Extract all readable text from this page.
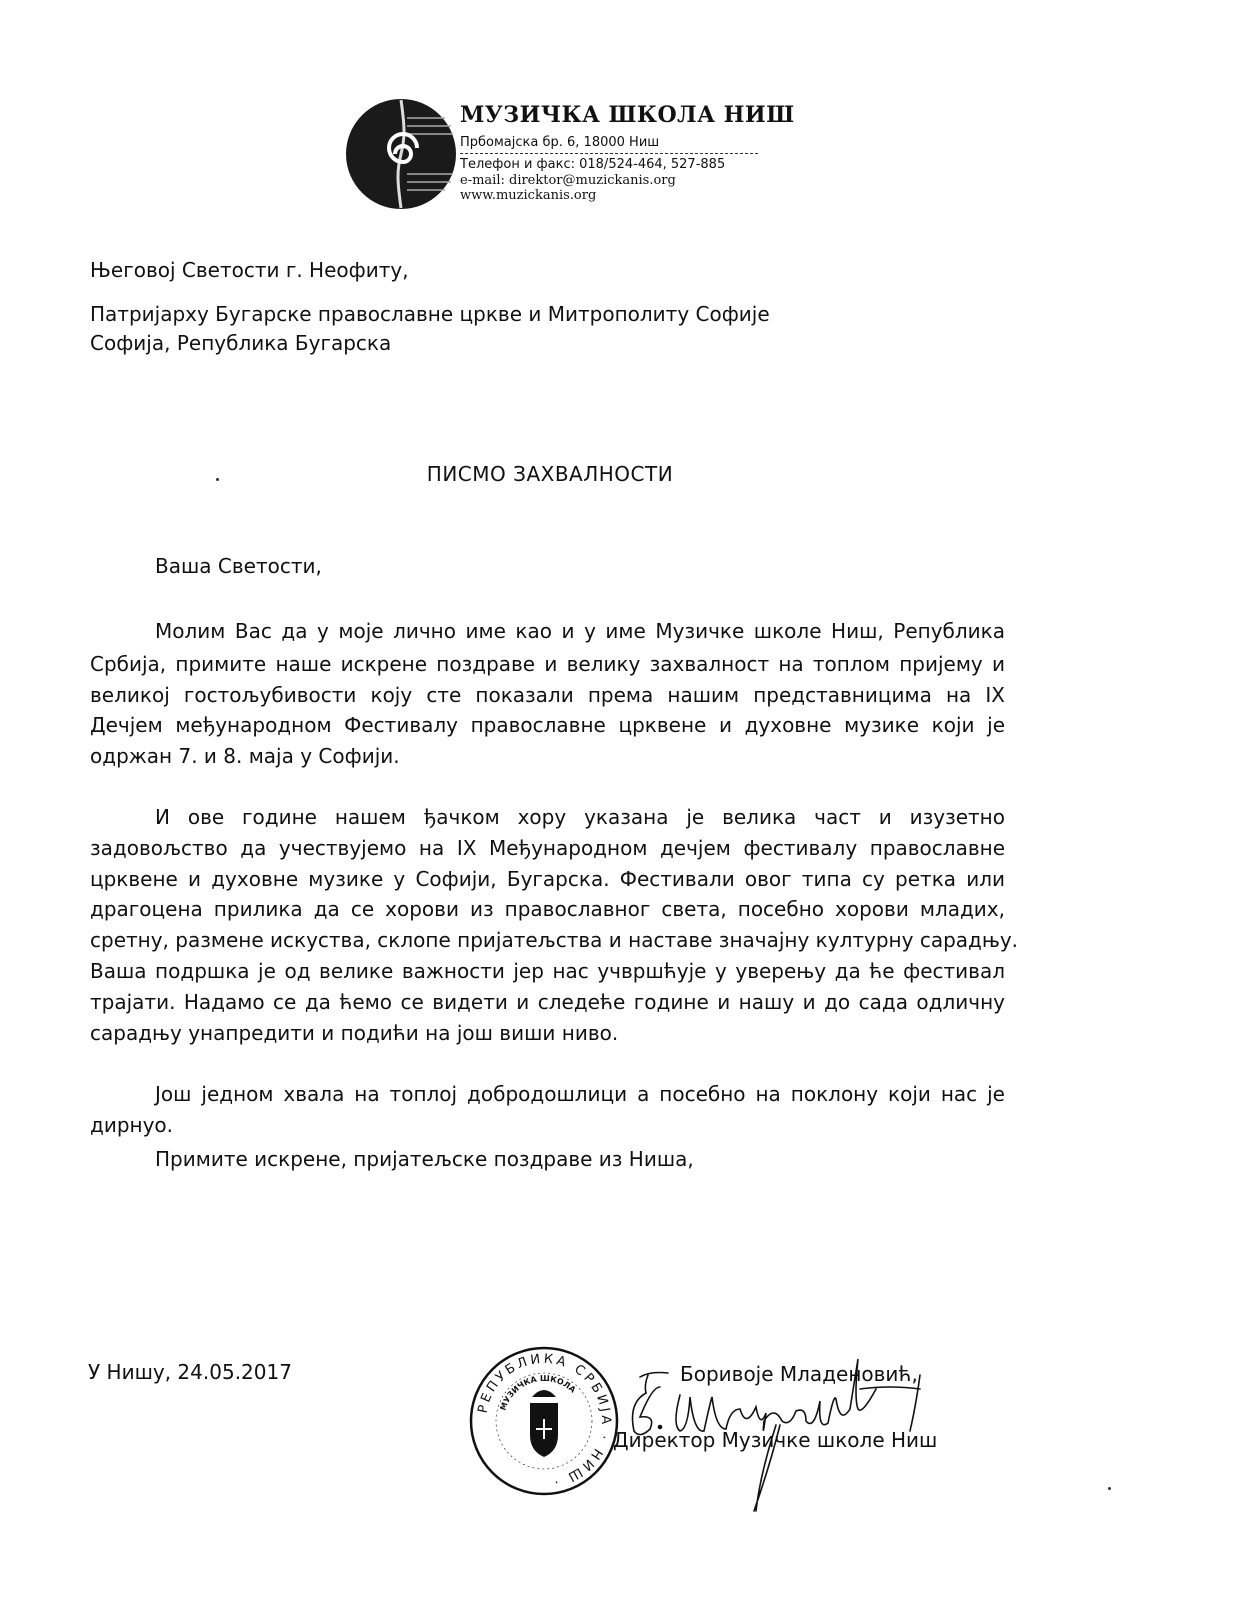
МУЗИЧКА ШКОЛА НИШ
Прбомајска бр. 6, 18000 Ниш
Телефон и факс: 018/524-464, 527-885
e-mail: direktor@muzickanis.org
www.muzickanis.org
Његовој Светости г. Неофиту,
Патријарху Бугарске православне цркве и Митрополиту Софије
Софија, Република Бугарска
ПИСМО ЗАХВАЛНОСТИ
Ваша Светости,
Молим Вас да у моје лично име као и у име Музичке школе Ниш, Република
Србија, примите наше искрене поздраве и велику захвалност на топлом пријему и
великој гостољубивости коју сте показали према нашим представницима на IX
Дечјем међународном Фестивалу православне црквене и духовне музике који је
одржан 7. и 8. маја у Софији.
И ове године нашем ђачком хору указана је велика част и изузетно
задовољство да учествујемо на IX Међународном дечјем фестивалу православне
црквене и духовне музике у Софији, Бугарска. Фестивали овог типа су ретка или
драгоцена прилика да се хорови из православног света, посебно хорови младих,
сретну, размене искуства, склопе пријатељства и наставе значајну културну сарадњу.
Ваша подршка је од велике важности јер нас учвршћује у уверењу да ће фестивал
трајати. Надамо се да ћемо се видети и следеће године и нашу и до сада одличну
сарадњу унапредити и подићи на још виши ниво.
Још једном хвала на топлој добродошлици а посебно на поклону који нас је
дирнуо.
Примите искрене, пријатељске поздраве из Ниша,
У Нишу, 24.05.2017
РЕПУБЛИКА СРБИЈА · НИШ ·
МУЗИЧКА ШКОЛА
Боривоје Младеновић,
Директор Музичке школе Ниш
